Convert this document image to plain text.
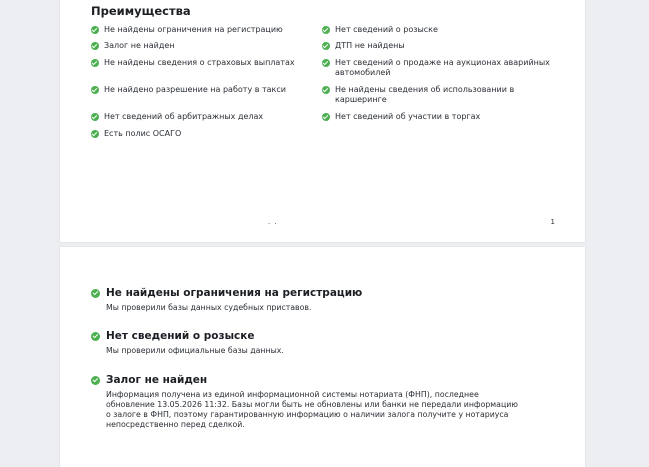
Преимущества
Не найдены ограничения на регистрацию
Залог не найден
Не найдены сведения о страховых выплатах
Не найдено разрешение на работу в такси
Нет сведений об арбитражных делах
Есть полис ОСАГО
Нет сведений о розыске
ДТП не найдены
Нет сведений о продаже на аукционах аварийных автомобилей
Не найдены сведения об использовании в каршеринге
Нет сведений об участии в торгах
. .	1
Не найдены ограничения на регистрацию
Мы проверили базы данных судебных приставов.
Нет сведений о розыске
Мы проверили официальные базы данных.
Залог не найден
Информация получена из единой информационной системы нотариата (ФНП), последнее обновление 13.05.2026 11:32. Базы могли быть не обновлены или банки не передали информацию о залоге в ФНП, поэтому гарантированную информацию о наличии залога получите у нотариуса непосредственно перед сделкой.
